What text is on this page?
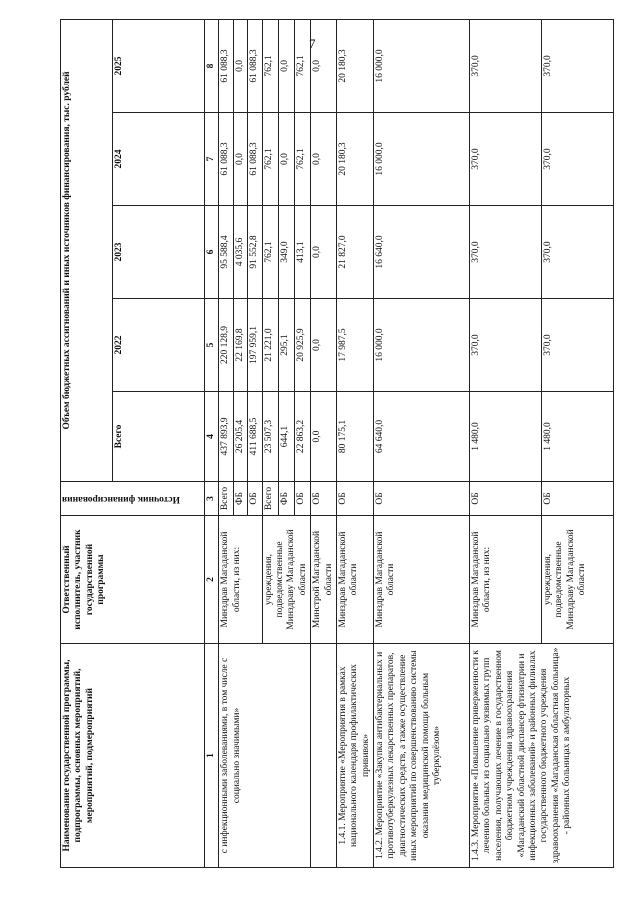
7
Наименование государственной программы, подпрограммы, основных мероприятий, мероприятий, подмероприятий	Ответственный исполнитель, участник государственной программы	Источник финансирования	Объем бюджетных ассигнований и иных источников финансирования, тыс. рублей				
			Всего	2022	2023	2024	2025
1	2	3	4	5	6	7	8
с инфекционными заболеваниями, в том числе с социально значимыми»	Минздрав Магаданской области, из них:	Всего	437 893,9	220 128,9	95 588,4	61 088,3	61 088,3
		ФБ	26 205,4	22 169,8	4 035,6	0,0	0,0
		ОБ	411 688,5	197 959,1	91 552,8	61 088,3	61 088,3
	учреждения, подведомственные Минздраву Магаданской области	Всего	23 507,3	21 221,0	762,1	762,1	762,1
		ФБ	644,1	295,1	349,0	0,0	0,0
		ОБ	22 863,2	20 925,9	413,1	762,1	762,1
	Минстрой Магаданской области	ОБ	0,0	0,0	0,0	0,0	0,0
1.4.1. Мероприятие «Мероприятия в рамках национального календаря профилактических прививок»	Минздрав Магаданской области	ОБ	80 175,1	17 987,5	21 827,0	20 180,3	20 180,3
1.4.2. Мероприятие «Закупка антибактериальных и противотуберкулезных лекарственных препаратов, диагностических средств, а также осуществление иных мероприятий по совершенствованию системы оказания медицинской помощи больным туберкулёзом»	Минздрав Магаданской области	ОБ	64 640,0	16 000,0	16 640,0	16 000,0	16 000,0
1.4.3. Мероприятие «Повышение приверженности к лечению больных из социально уязвимых групп населения, получающих лечение в государственном бюджетном учреждении здравоохранения «Магаданский областной диспансер фтизиатрии и инфекционных заболеваний» и районных филиалах государственного бюджетного учреждения здравоохранения «Магаданская областная больница» - районных больницах в амбулаторных	Минздрав Магаданской области, из них:	ОБ	1 480,0	370,0	370,0	370,0	370,0
	учреждения, подведомственные Минздраву Магаданской области	ОБ	1 480,0	370,0	370,0	370,0	370,0
